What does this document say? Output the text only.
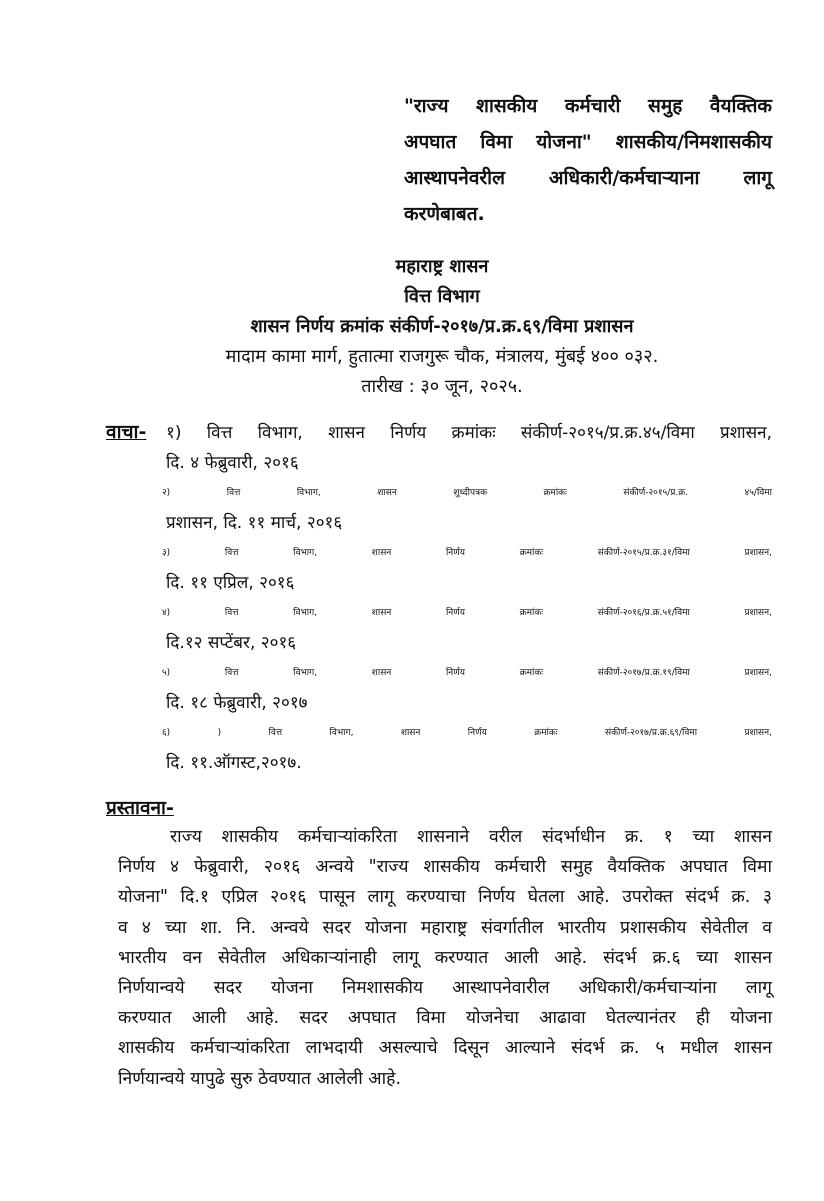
"राज्य शासकीय कर्मचारी समुह वैयक्तिक
अपघात विमा योजना" शासकीय/निमशासकीय
आस्थापनेवरील अधिकारी/कर्मचाऱ्याना लागू
करणेबाबत.
महाराष्ट्र शासन
वित्त विभाग
शासन निर्णय क्रमांक संकीर्ण-२०१७/प्र.क्र.६९/विमा प्रशासन
मादाम कामा मार्ग, हुतात्मा राजगुरू चौक, मंत्रालय, मुंबई ४०० ०३२.
तारीख : ३० जून, २०२५.
वाचा- १) वित्त विभाग, शासन निर्णय क्रमांकः संकीर्ण-२०१५/प्र.क्र.४५/विमा प्रशासन,
दि. ४ फेब्रुवारी, २०१६

२) वित्त विभाग, शासन शुध्दीपत्रक क्रमांकः संकीर्ण-२०१५/प्र.क्र. ४५/विमा
प्रशासन, दि. ११ मार्च, २०१६

३) वित्त विभाग, शासन निर्णय क्रमांकः संकीर्ण-२०१५/प्र.क्र.३१/विमा प्रशासन,
दि. ११ एप्रिल, २०१६

४) वित्त विभाग, शासन निर्णय क्रमांकः संकीर्ण-२०१६/प्र.क्र.५१/विमा प्रशासन,
दि.१२ सप्टेंबर, २०१६

५) वित्त विभाग, शासन निर्णय क्रमांकः संकीर्ण-२०१७/प्र.क्र.१९/विमा प्रशासन,
दि. १८ फेब्रुवारी, २०१७

६) ) वित्त विभाग, शासन निर्णय क्रमांकः संकीर्ण-२०१७/प्र.क्र.६९/विमा प्रशासन,
दि. ११.ऑगस्ट,२०१७.

प्रस्तावना-
राज्य शासकीय कर्मचाऱ्यांकरिता शासनाने वरील संदर्भाधीन क्र. १ च्या शासन
निर्णय ४ फेब्रुवारी, २०१६ अन्वये "राज्य शासकीय कर्मचारी समुह वैयक्तिक अपघात विमा
योजना" दि.१ एप्रिल २०१६ पासून लागू करण्याचा निर्णय घेतला आहे. उपरोक्त संदर्भ क्र. ३
व ४ च्या शा. नि. अन्वये सदर योजना महाराष्ट्र संवर्गातील भारतीय प्रशासकीय सेवेतील व
भारतीय वन सेवेतील अधिकाऱ्यांनाही लागू करण्यात आली आहे. संदर्भ क्र.६ च्या शासन
निर्णयान्वये सदर योजना निमशासकीय आस्थापनेवारील अधिकारी/कर्मचाऱ्यांना लागू
करण्यात आली आहे. सदर अपघात विमा योजनेचा आढावा घेतल्यानंतर ही योजना
शासकीय कर्मचाऱ्यांकरिता लाभदायी असल्याचे दिसून आल्याने संदर्भ क्र. ५ मधील शासन
निर्णयान्वये यापुढे सुरु ठेवण्यात आलेली आहे.
